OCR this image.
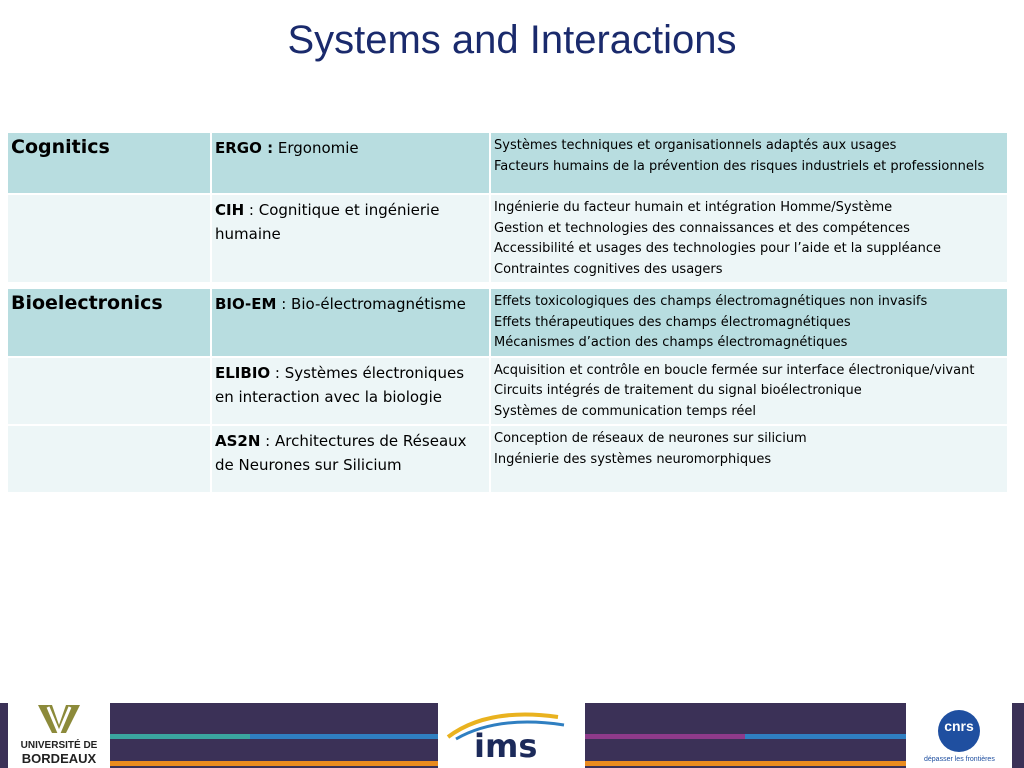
Systems and Interactions
Cognitics	ERGO : Ergonomie	Systèmes techniques et organisationnels adaptés aux usages
Facteurs humains de la prévention des risques industriels et professionnels

	CIH : Cognitique et ingénierie humaine	Ingénierie du facteur humain et intégration Homme/Système
Gestion et technologies des connaissances et des compétences
Accessibilité et usages des technologies pour l’aide et la suppléance
Contraintes cognitives des usagers

Bioelectronics	BIO-EM : Bio-électromagnétisme	Effets toxicologiques des champs électromagnétiques non invasifs
Effets thérapeutiques des champs électromagnétiques
Mécanismes d’action des champs électromagnétiques

	ELIBIO : Systèmes électroniques en interaction avec la biologie	Acquisition et contrôle en boucle fermée sur interface électronique/vivant
Circuits intégrés de traitement du signal bioélectronique
Systèmes de communication temps réel

	AS2N : Architectures de Réseaux de Neurones sur Silicium	Conception de réseaux de neurones sur silicium
Ingénierie des systèmes neuromorphiques
UNIVERSITÉ DE
BORDEAUX	ims
cnrs
dépasser les frontières
